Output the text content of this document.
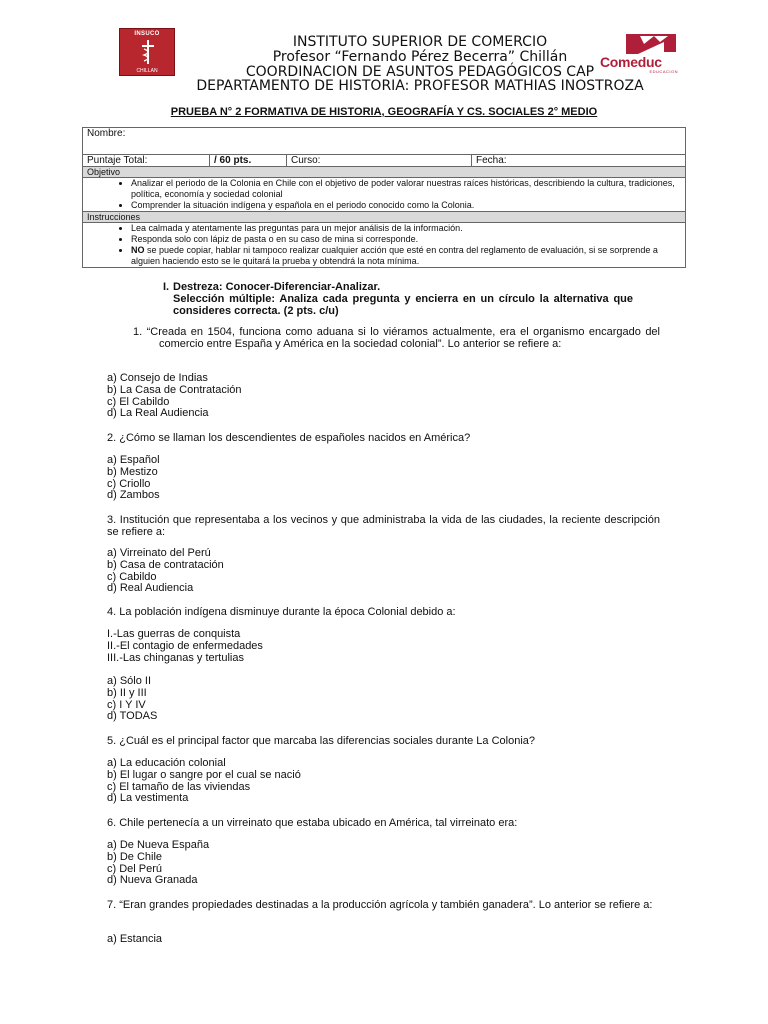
INSUCO
CHILLAN
Comeduc
EDUCACION
INSTITUTO SUPERIOR DE COMERCIO
Profesor “Fernando Pérez Becerra” Chillán
COORDINACION DE ASUNTOS PEDAGÓGICOS CAP
DEPARTAMENTO DE HISTORIA: PROFESOR MATHIAS INOSTROZA
PRUEBA N° 2 FORMATIVA DE HISTORIA, GEOGRAFÍA Y CS. SOCIALES 2° MEDIO
Nombre:
Puntaje Total:	/ 60 pts.	Curso:	Fecha:
Objetivo

• Analizar el periodo de la Colonia en Chile con el objetivo de poder valorar nuestras raíces históricas, describiendo la cultura, tradiciones, política, economía y sociedad colonial
• Comprender la situación indígena y española en el periodo conocido como la Colonia.

Instrucciones

• Lea calmada y atentamente las preguntas para un mejor análisis de la información.
• Responda solo con lápiz de pasta o en su caso de mina si corresponde.
• NO se puede copiar, hablar ni tampoco realizar cualquier acción que esté en contra del reglamento de evaluación, si se sorprende a alguien haciendo esto se le quitará la prueba y obtendrá la nota mínima.
I. Destreza: Conocer-Diferenciar-Analizar.
Selección múltiple: Analiza cada pregunta y encierra en un círculo la alternativa que consideres correcta. (2 pts. c/u)
1. “Creada en 1504, funciona como aduana si lo viéramos actualmente, era el organismo encargado del comercio entre España y América en la sociedad colonial”. Lo anterior se refiere a:
a) Consejo de Indias
b) La Casa de Contratación
c) El Cabildo
d) La Real Audiencia
2. ¿Cómo se llaman los descendientes de españoles nacidos en América?
a) Español
b) Mestizo
c) Criollo
d) Zambos
3. Institución que representaba a los vecinos y que administraba la vida de las ciudades, la reciente descripción se refiere a:
a) Virreinato del Perú
b) Casa de contratación
c) Cabildo
d) Real Audiencia
4. La población indígena disminuye durante la época Colonial debido a:
I.-Las guerras de conquista
II.-El contagio de enfermedades
III.-Las chinganas y tertulias
a) Sólo II
b) II y III
c) I Y IV
d) TODAS
5. ¿Cuál es el principal factor que marcaba las diferencias sociales durante La Colonia?
a) La educación colonial
b) El lugar o sangre por el cual se nació
c) El tamaño de las viviendas
d) La vestimenta
6. Chile pertenecía a un virreinato que estaba ubicado en América, tal virreinato era:
a) De Nueva España
b) De Chile
c) Del Perú
d) Nueva Granada
7. “Eran grandes propiedades destinadas a la producción agrícola y también ganadera”. Lo anterior se refiere a:
a) Estancia
